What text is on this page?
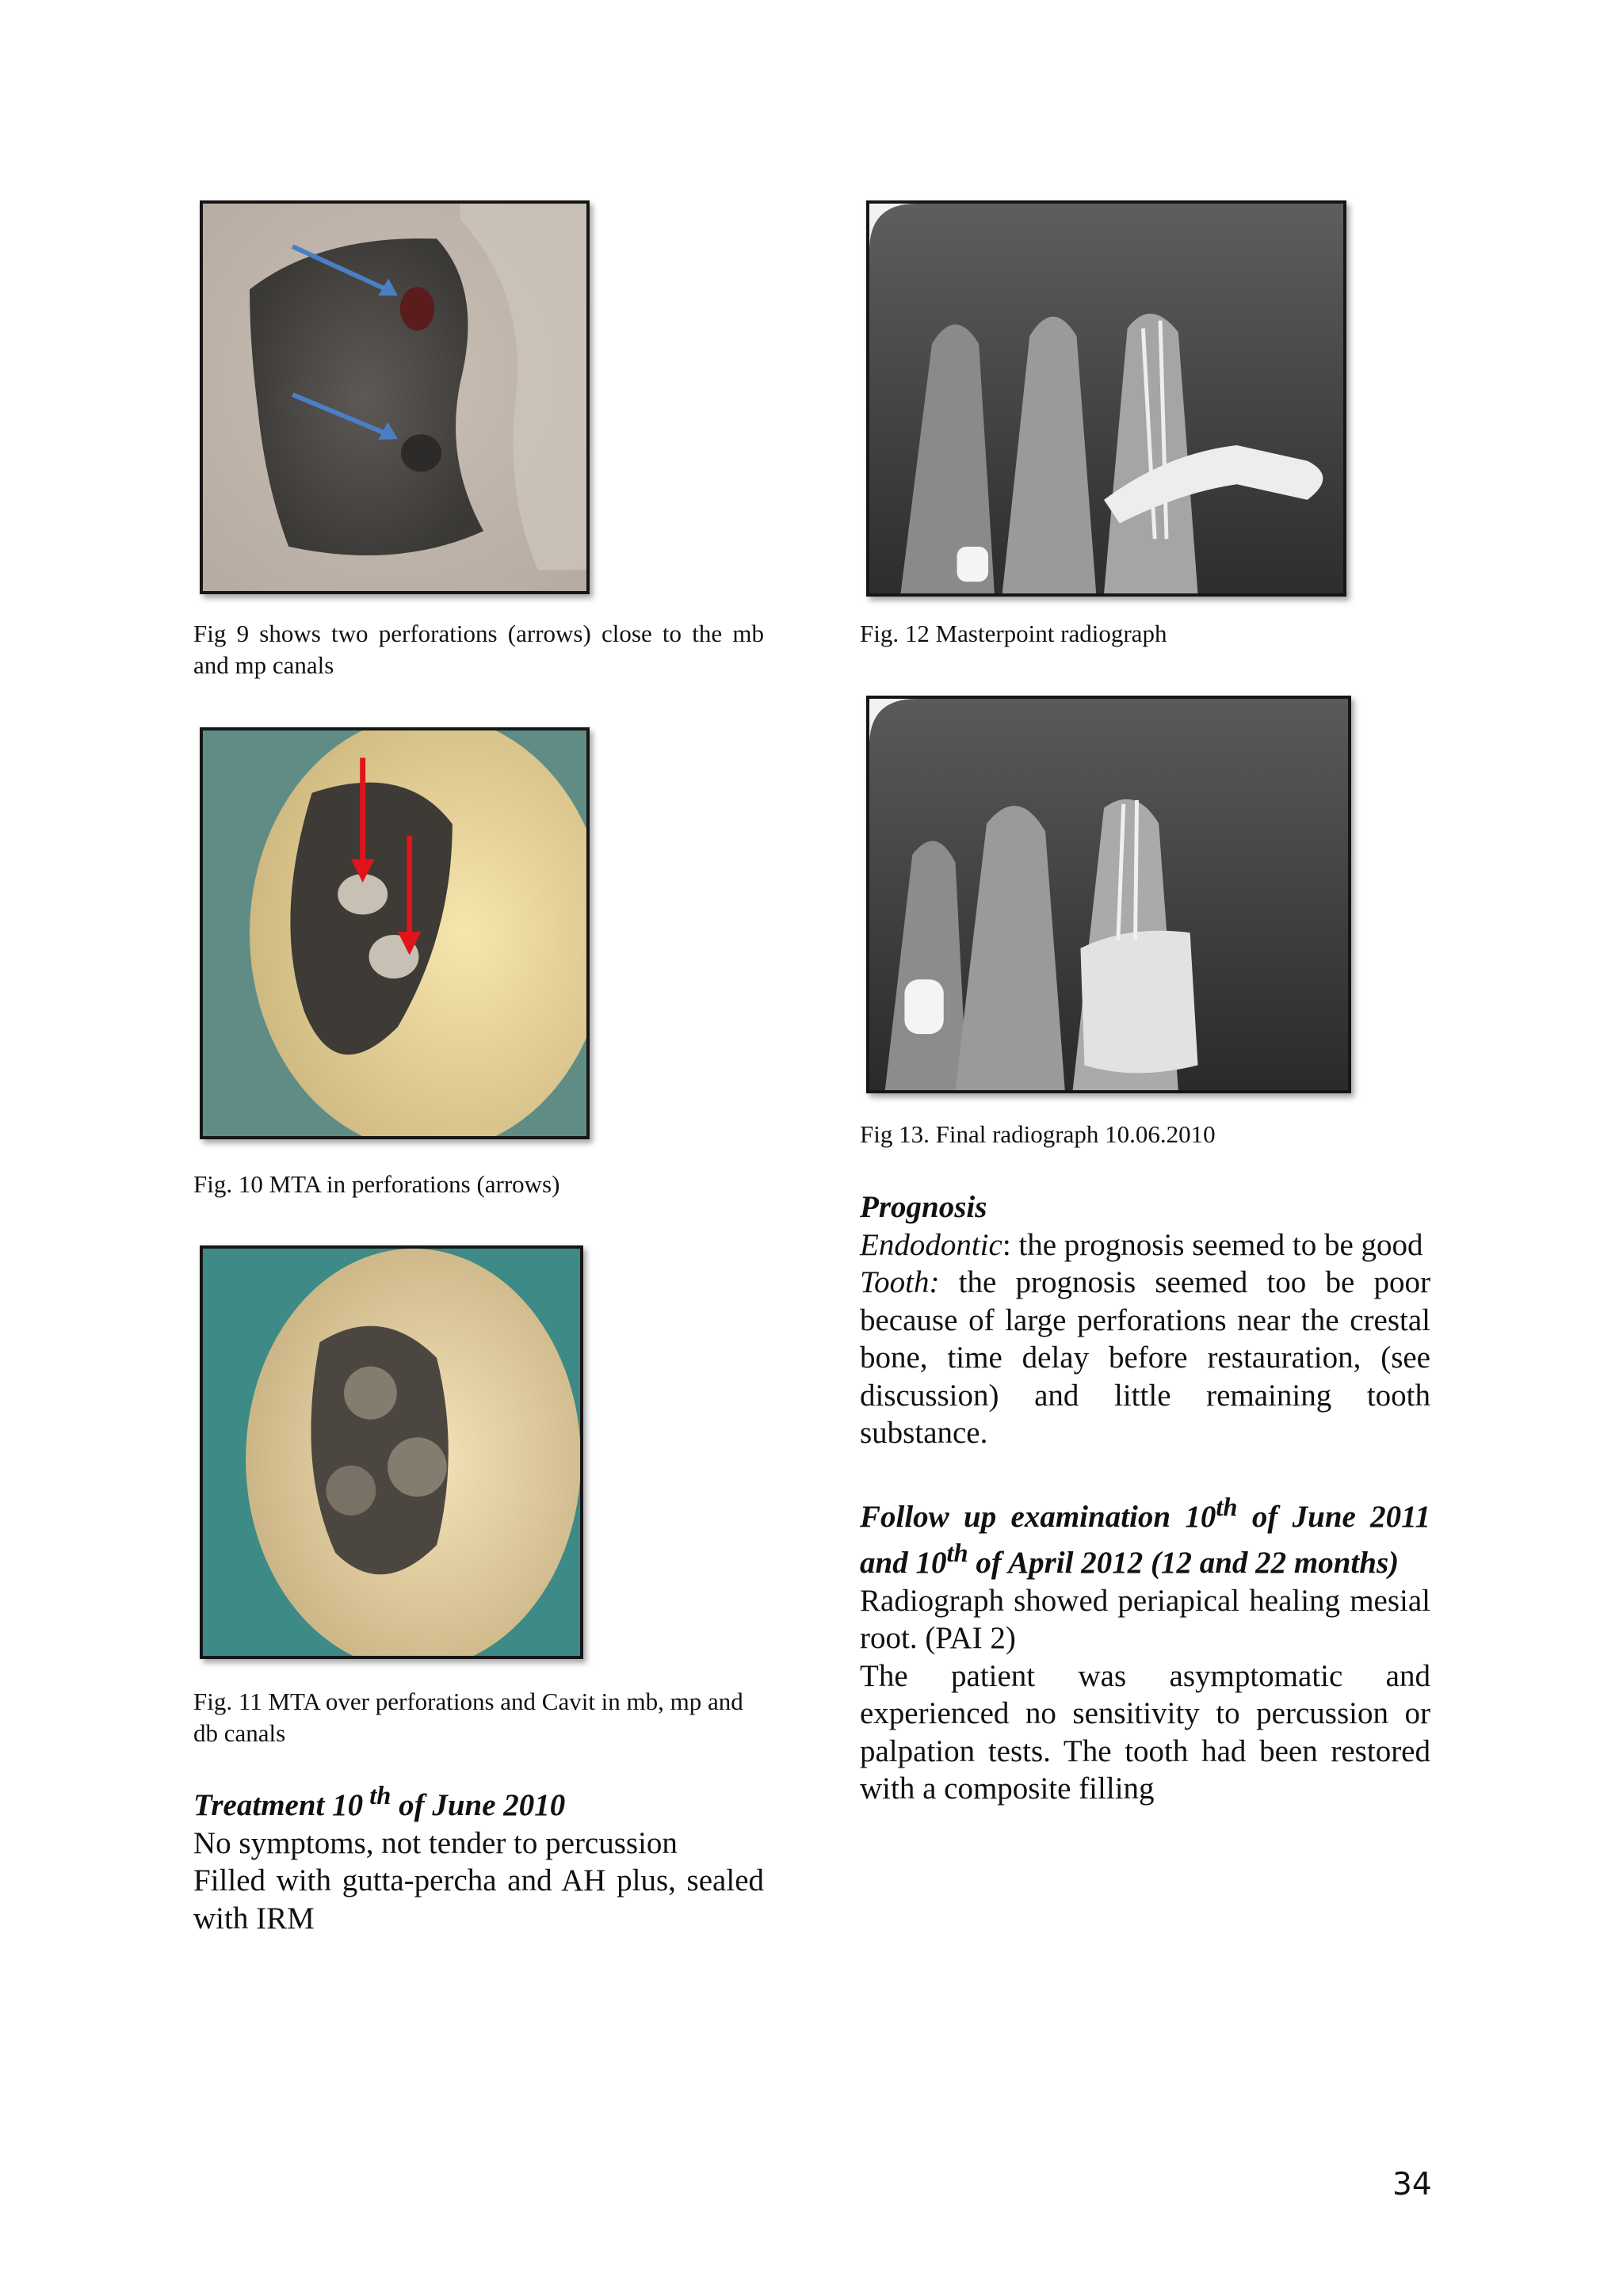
Fig 9 shows two perforations (arrows) close to the mb and mp canals
Fig. 10 MTA in perforations (arrows)
Fig. 11 MTA over perforations and Cavit in mb, mp and db canals
Fig. 12 Masterpoint radiograph
Fig 13. Final radiograph 10.06.2010

Treatment 10 $^{th}$ of June 2010

No symptoms, not tender to percussion

Filled with gutta-percha and AH plus, sealed with IRM

Prognosis

Endodontic: the prognosis seemed to be good

Tooth: the prognosis seemed too be poor because of large perforations near the crestal bone, time delay before restauration, (see discussion) and little remaining tooth substance.

Follow up examination 10th of June 2011 and 10th of April 2012 (12 and 22 months)

Radiograph showed periapical healing mesial root. (PAI 2)

The patient was asymptomatic and experienced no sensitivity to percussion or palpation tests. The tooth had been restored with a composite filling

34
